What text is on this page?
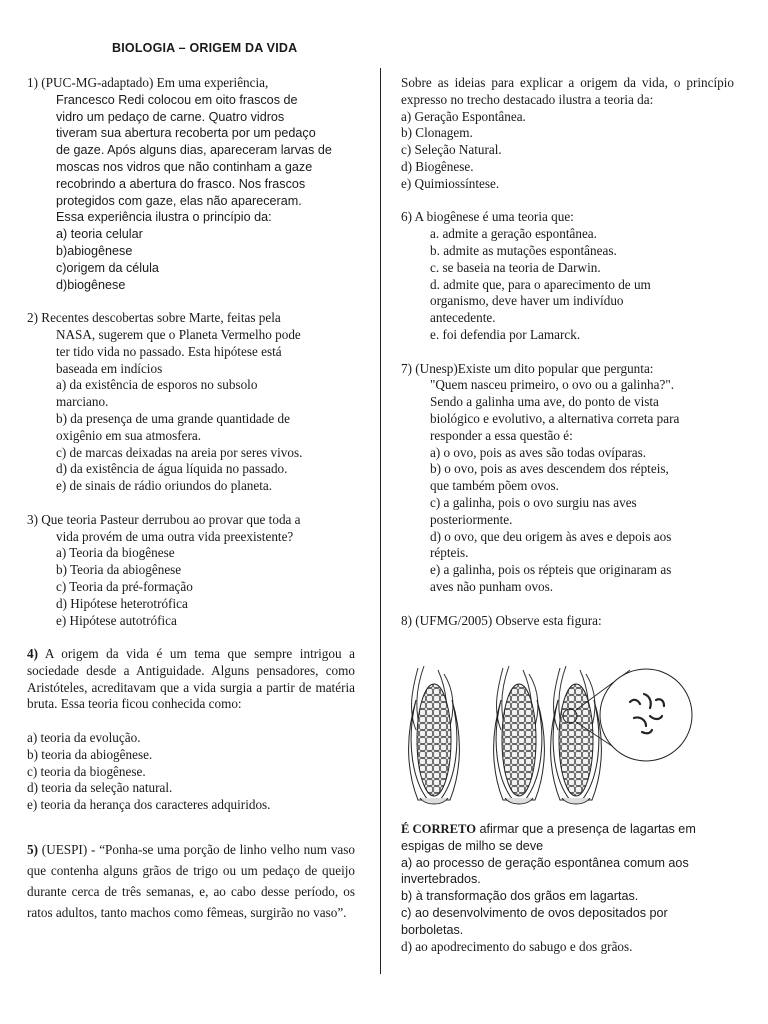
BIOLOGIA – ORIGEM DA VIDA
1) (PUC-MG-adaptado) Em uma experiência,
Francesco Redi colocou em oito frascos de
vidro um pedaço de carne. Quatro vidros
tiveram sua abertura recoberta por um pedaço
de gaze. Após alguns dias, apareceram larvas de
moscas nos vidros que não continham a gaze
recobrindo a abertura do frasco. Nos frascos
protegidos com gaze, elas não apareceram.
Essa experiência ilustra o princípio da:
a) teoria celular
b)abiogênese
c)origem da célula
d)biogênese
2) Recentes descobertas sobre Marte, feitas pela
NASA, sugerem que o Planeta Vermelho pode
ter tido vida no passado. Esta hipótese está
baseada em indícios
a) da existência de esporos no subsolo
marciano.
b) da presença de uma grande quantidade de
oxigênio em sua atmosfera.
c) de marcas deixadas na areia por seres vivos.
d) da existência de água líquida no passado.
e) de sinais de rádio oriundos do planeta.
3) Que teoria Pasteur derrubou ao provar que toda a
vida provém de uma outra vida preexistente?
a) Teoria da biogênese
b) Teoria da abiogênese
c) Teoria da pré-formação
d) Hipótese heterotrófica
e) Hipótese autotrófica
4) A origem da vida é um tema que sempre intrigou a sociedade desde a Antiguidade. Alguns pensadores, como Aristóteles, acreditavam que a vida surgia a partir de matéria bruta. Essa teoria ficou conhecida como:
a) teoria da evolução.
b) teoria da abiogênese.
c) teoria da biogênese.
d) teoria da seleção natural.
e) teoria da herança dos caracteres adquiridos.
5) (UESPI) - “Ponha-se uma porção de linho velho num vaso que contenha alguns grãos de trigo ou um pedaço de queijo durante cerca de três semanas, e, ao cabo desse período, os ratos adultos, tanto machos como fêmeas, surgirão no vaso”.
Sobre as ideias para explicar a origem da vida, o princípio expresso no trecho destacado ilustra a teoria da:
a) Geração Espontânea.
b) Clonagem.
c) Seleção Natural.
d) Biogênese.
e) Quimiossíntese.
6) A biogênese é uma teoria que:
a. admite a geração espontânea.
b. admite as mutações espontâneas.
c. se baseia na teoria de Darwin.
d. admite que, para o aparecimento de um
organismo, deve haver um indivíduo
antecedente.
e. foi defendia por Lamarck.
7) (Unesp)Existe um dito popular que pergunta:
"Quem nasceu primeiro, o ovo ou a galinha?".
Sendo a galinha uma ave, do ponto de vista
biológico e evolutivo, a alternativa correta para
responder a essa questão é:
a) o ovo, pois as aves são todas ovíparas.
b) o ovo, pois as aves descendem dos répteis,
que também põem ovos.
c) a galinha, pois o ovo surgiu nas aves
posteriormente.
d) o ovo, que deu origem às aves e depois aos
répteis.
e) a galinha, pois os répteis que originaram as
aves não punham ovos.
8) (UFMG/2005) Observe esta figura:
É CORRETO afirmar que a presença de lagartas em
espigas de milho se deve
a) ao processo de geração espontânea comum aos
invertebrados.
b) à transformação dos grãos em lagartas.
c) ao desenvolvimento de ovos depositados por
borboletas.
d) ao apodrecimento do sabugo e dos grãos.
